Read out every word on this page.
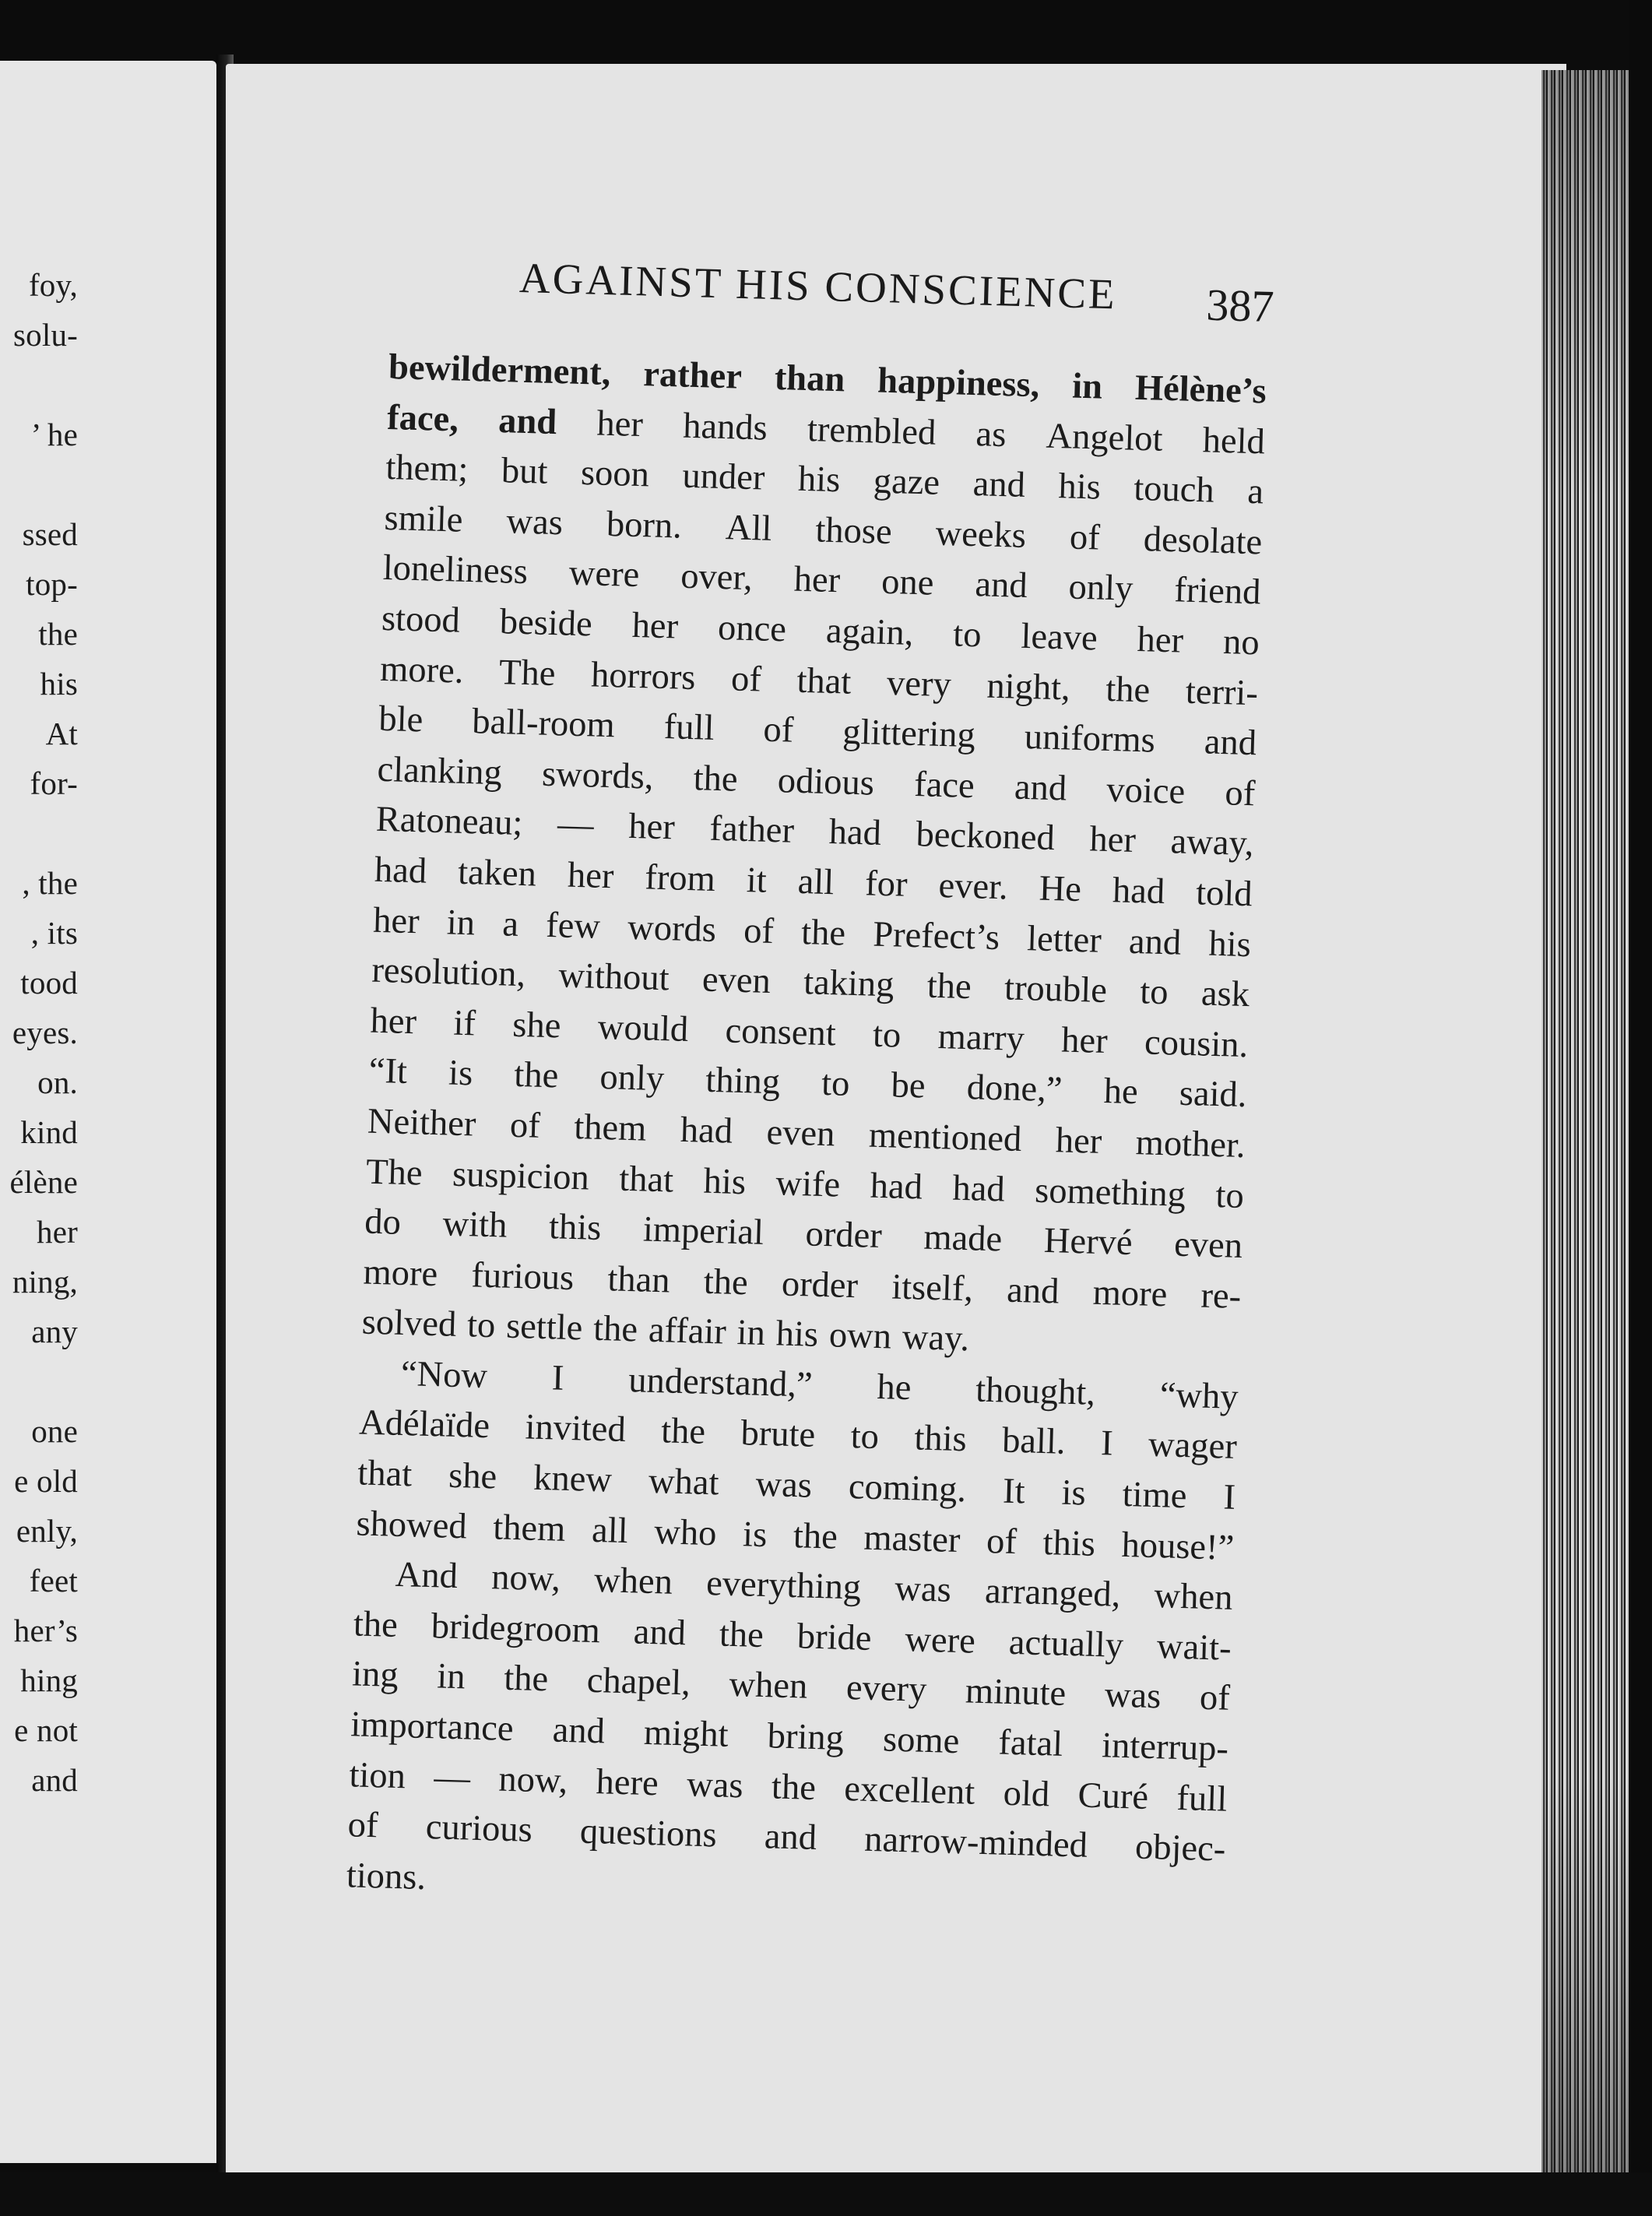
foy,
solu-
’ he
ssed
top-
the
his
At
for-
, the
, its
tood
eyes.
on.
kind
élène
her
ning,
any
one
e old
enly,
feet
her’s
hing
e not
and
AGAINST HIS CONSCIENCE 387
bewilderment, rather than happiness, in Hélène’s
face, and her hands trembled as Angelot held
them; but soon under his gaze and his touch a
smile was born. All those weeks of desolate
loneliness were over, her one and only friend
stood beside her once again, to leave her no
more. The horrors of that very night, the terri-
ble ball-room full of glittering uniforms and
clanking swords, the odious face and voice of
Ratoneau; — her father had beckoned her away,
had taken her from it all for ever. He had told
her in a few words of the Prefect’s letter and his
resolution, without even taking the trouble to ask
her if she would consent to marry her cousin.
“It is the only thing to be done,” he said.
Neither of them had even mentioned her mother.
The suspicion that his wife had had something to
do with this imperial order made Hervé even
more furious than the order itself, and more re-
solved to settle the affair in his own way.
“Now I understand,” he thought, “why
Adélaïde invited the brute to this ball. I wager
that she knew what was coming. It is time I
showed them all who is the master of this house!”
And now, when everything was arranged, when
the bridegroom and the bride were actually wait-
ing in the chapel, when every minute was of
importance and might bring some fatal interrup-
tion — now, here was the excellent old Curé full
of curious questions and narrow-minded objec-
tions.
